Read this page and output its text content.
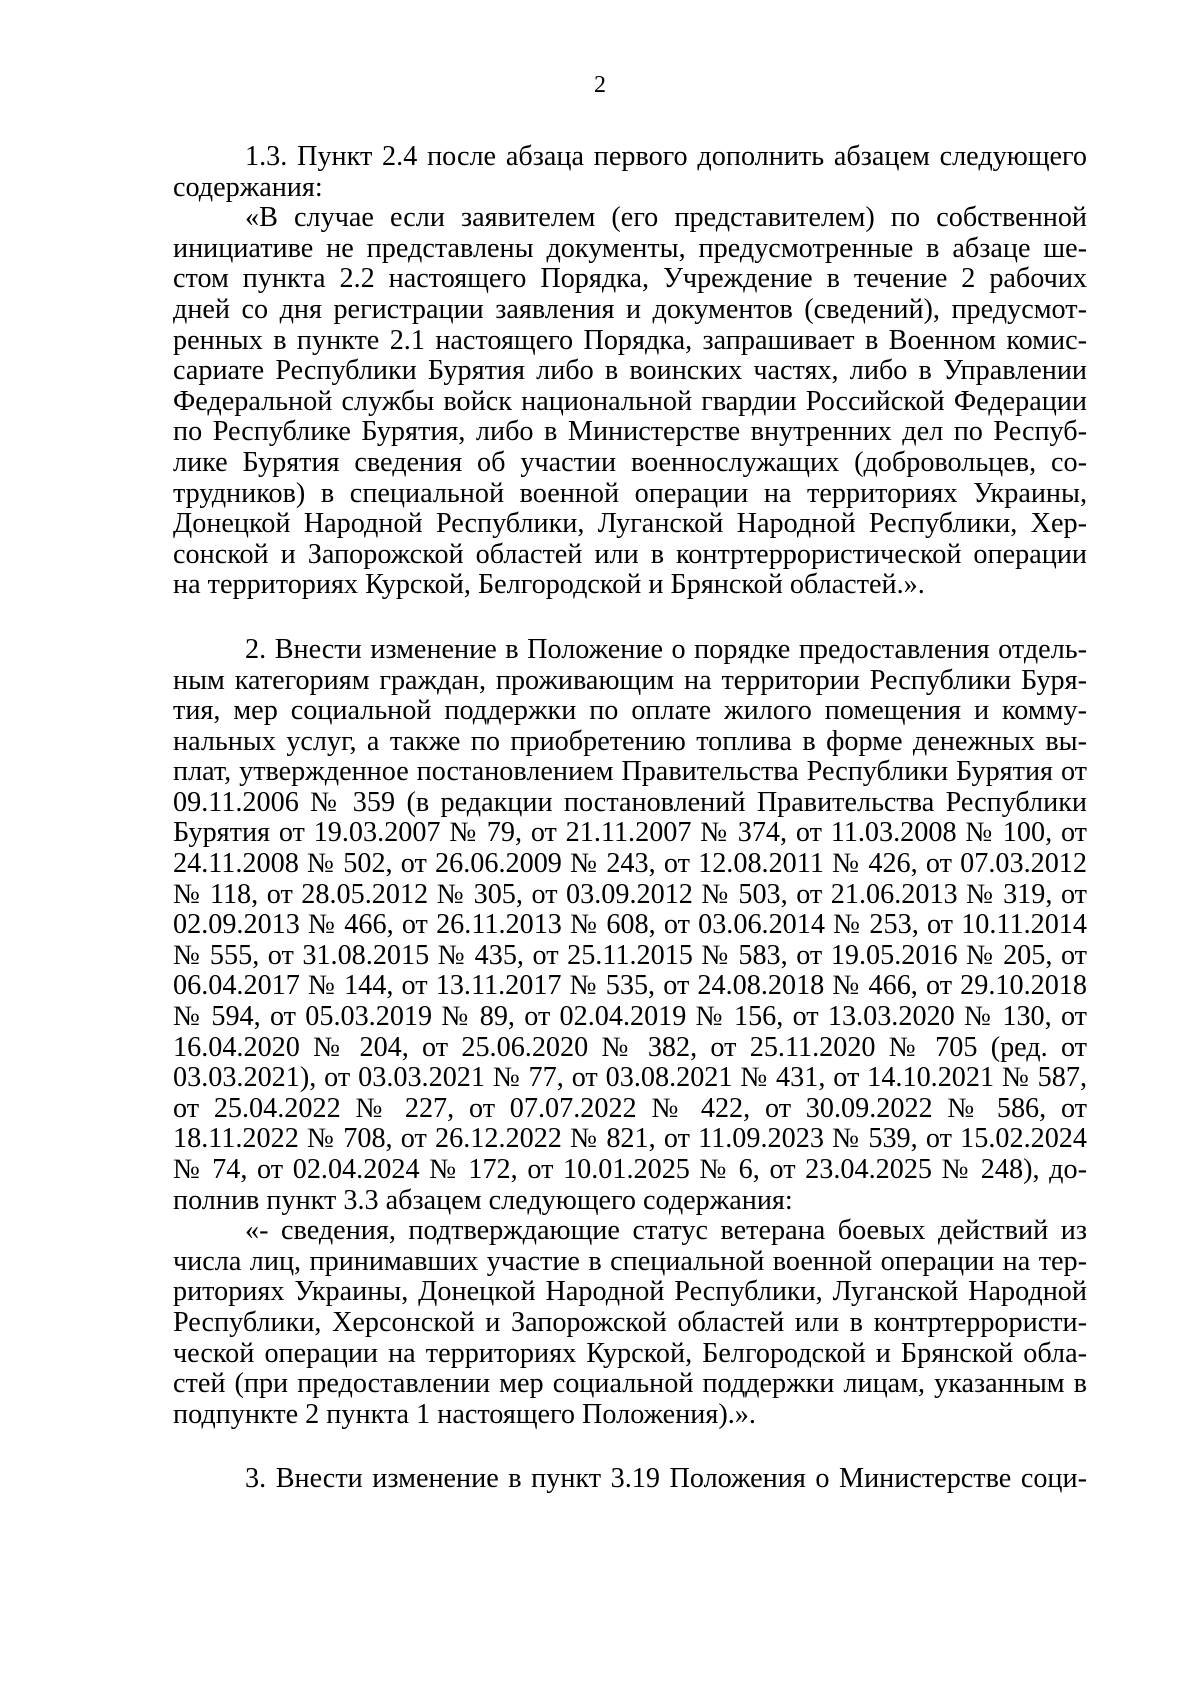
2
1.3. Пункт 2.4 после абзаца первого дополнить абзацем следующего
содержания:
«В случае если заявителем (его представителем) по собственной
инициативе не представлены документы, предусмотренные в абзаце ше-
стом пункта 2.2 настоящего Порядка, Учреждение в течение 2 рабочих
дней со дня регистрации заявления и документов (сведений), предусмот-
ренных в пункте 2.1 настоящего Порядка, запрашивает в Военном комис-
сариате Республики Бурятия либо в воинских частях, либо в Управлении
Федеральной службы войск национальной гвардии Российской Федерации
по Республике Бурятия, либо в Министерстве внутренних дел по Респуб-
лике Бурятия сведения об участии военнослужащих (добровольцев, со-
трудников) в специальной военной операции на территориях Украины,
Донецкой Народной Республики, Луганской Народной Республики, Хер-
сонской и Запорожской областей или в контртеррористической операции
на территориях Курской, Белгородской и Брянской областей.».
2. Внести изменение в Положение о порядке предоставления отдель-
ным категориям граждан, проживающим на территории Республики Буря-
тия, мер социальной поддержки по оплате жилого помещения и комму-
нальных услуг, а также по приобретению топлива в форме денежных вы-
плат, утвержденное постановлением Правительства Республики Бурятия от
09.11.2006 № 359 (в редакции постановлений Правительства Республики
Бурятия от 19.03.2007 № 79, от 21.11.2007 № 374, от 11.03.2008 № 100, от
24.11.2008 № 502, от 26.06.2009 № 243, от 12.08.2011 № 426, от 07.03.2012
№ 118, от 28.05.2012 № 305, от 03.09.2012 № 503, от 21.06.2013 № 319, от
02.09.2013 № 466, от 26.11.2013 № 608, от 03.06.2014 № 253, от 10.11.2014
№ 555, от 31.08.2015 № 435, от 25.11.2015 № 583, от 19.05.2016 № 205, от
06.04.2017 № 144, от 13.11.2017 № 535, от 24.08.2018 № 466, от 29.10.2018
№ 594, от 05.03.2019 № 89, от 02.04.2019 № 156, от 13.03.2020 № 130, от
16.04.2020 № 204, от 25.06.2020 № 382, от 25.11.2020 № 705 (ред. от
03.03.2021), от 03.03.2021 № 77, от 03.08.2021 № 431, от 14.10.2021 № 587,
от 25.04.2022 № 227, от 07.07.2022 № 422, от 30.09.2022 № 586, от
18.11.2022 № 708, от 26.12.2022 № 821, от 11.09.2023 № 539, от 15.02.2024
№ 74, от 02.04.2024 № 172, от 10.01.2025 № 6, от 23.04.2025 № 248), до-
полнив пункт 3.3 абзацем следующего содержания:
«- сведения, подтверждающие статус ветерана боевых действий из
числа лиц, принимавших участие в специальной военной операции на тер-
риториях Украины, Донецкой Народной Республики, Луганской Народной
Республики, Херсонской и Запорожской областей или в контртеррористи-
ческой операции на территориях Курской, Белгородской и Брянской обла-
стей (при предоставлении мер социальной поддержки лицам, указанным в
подпункте 2 пункта 1 настоящего Положения).».
3. Внести изменение в пункт 3.19 Положения о Министерстве соци-
